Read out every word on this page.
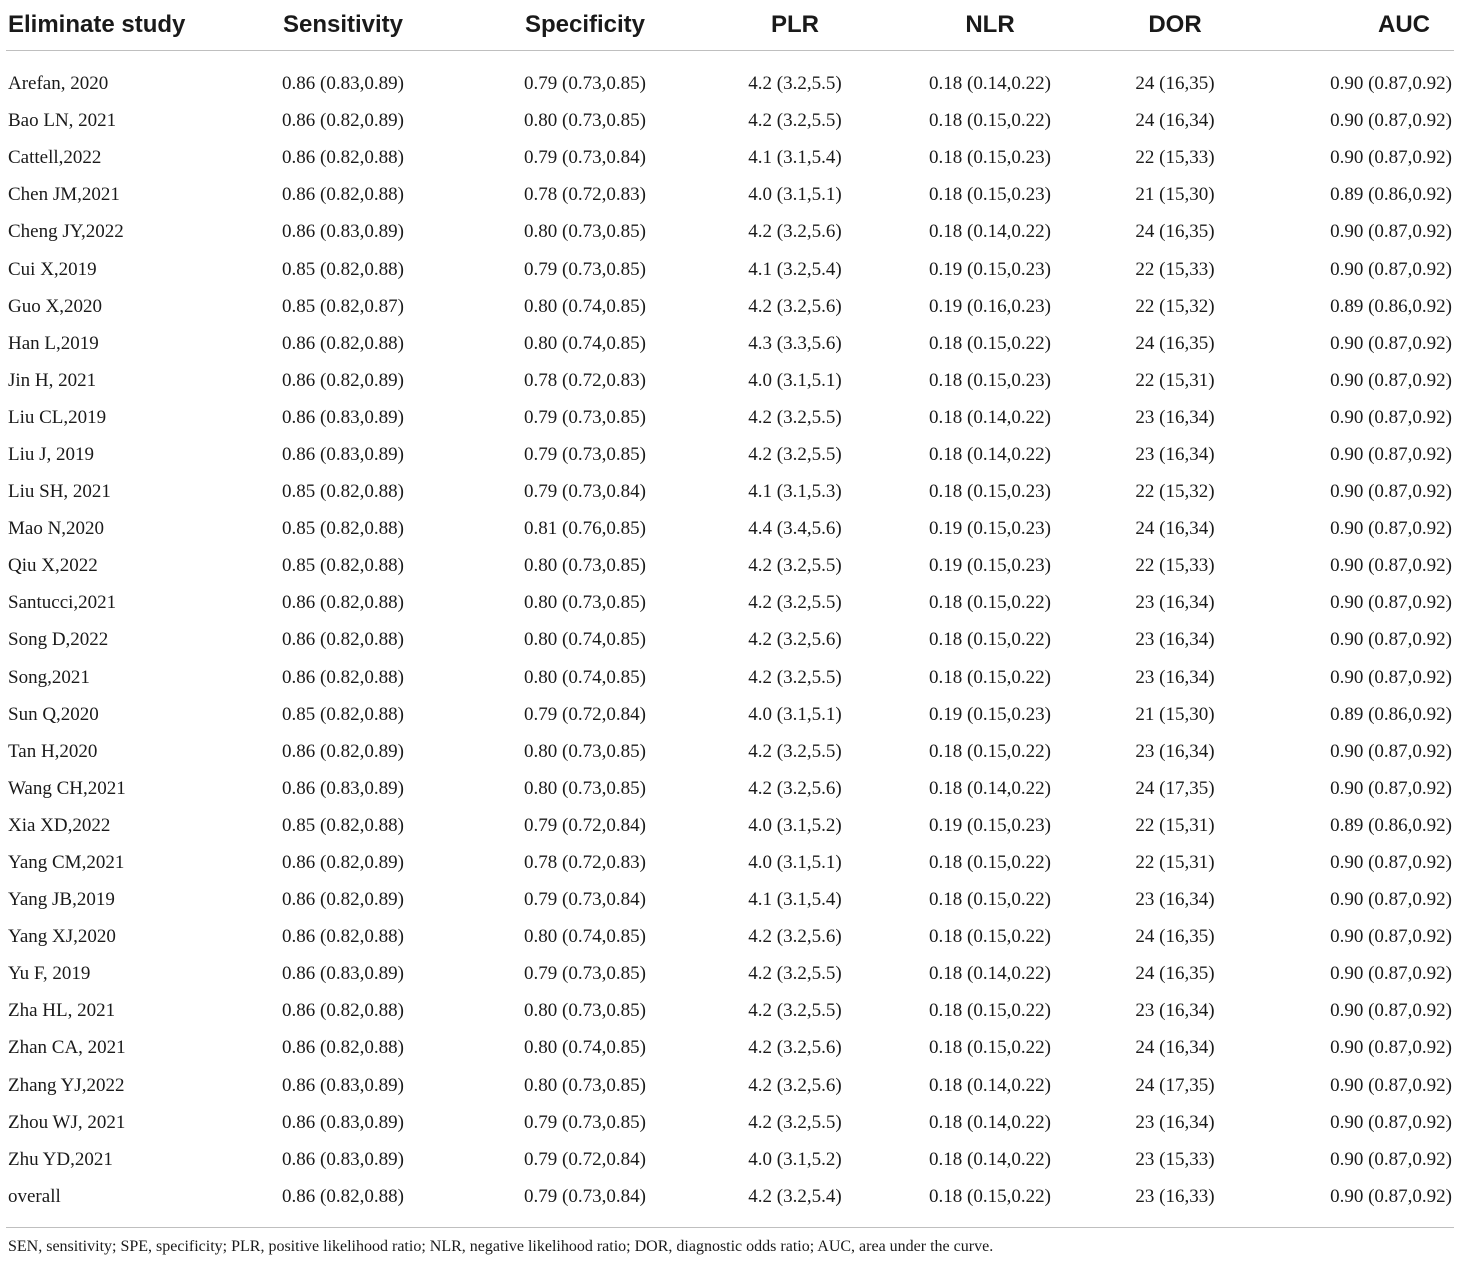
Eliminate study	Sensitivity	Specificity	PLR	NLR	DOR	AUC

Arefan, 2020	0.86 (0.83,0.89)	0.79 (0.73,0.85)	4.2 (3.2,5.5)	0.18 (0.14,0.22)	24 (16,35)	0.90 (0.87,0.92)
Bao LN, 2021	0.86 (0.82,0.89)	0.80 (0.73,0.85)	4.2 (3.2,5.5)	0.18 (0.15,0.22)	24 (16,34)	0.90 (0.87,0.92)
Cattell,2022	0.86 (0.82,0.88)	0.79 (0.73,0.84)	4.1 (3.1,5.4)	0.18 (0.15,0.23)	22 (15,33)	0.90 (0.87,0.92)
Chen JM,2021	0.86 (0.82,0.88)	0.78 (0.72,0.83)	4.0 (3.1,5.1)	0.18 (0.15,0.23)	21 (15,30)	0.89 (0.86,0.92)
Cheng JY,2022	0.86 (0.83,0.89)	0.80 (0.73,0.85)	4.2 (3.2,5.6)	0.18 (0.14,0.22)	24 (16,35)	0.90 (0.87,0.92)
Cui X,2019	0.85 (0.82,0.88)	0.79 (0.73,0.85)	4.1 (3.2,5.4)	0.19 (0.15,0.23)	22 (15,33)	0.90 (0.87,0.92)
Guo X,2020	0.85 (0.82,0.87)	0.80 (0.74,0.85)	4.2 (3.2,5.6)	0.19 (0.16,0.23)	22 (15,32)	0.89 (0.86,0.92)
Han L,2019	0.86 (0.82,0.88)	0.80 (0.74,0.85)	4.3 (3.3,5.6)	0.18 (0.15,0.22)	24 (16,35)	0.90 (0.87,0.92)
Jin H, 2021	0.86 (0.82,0.89)	0.78 (0.72,0.83)	4.0 (3.1,5.1)	0.18 (0.15,0.23)	22 (15,31)	0.90 (0.87,0.92)
Liu CL,2019	0.86 (0.83,0.89)	0.79 (0.73,0.85)	4.2 (3.2,5.5)	0.18 (0.14,0.22)	23 (16,34)	0.90 (0.87,0.92)
Liu J, 2019	0.86 (0.83,0.89)	0.79 (0.73,0.85)	4.2 (3.2,5.5)	0.18 (0.14,0.22)	23 (16,34)	0.90 (0.87,0.92)
Liu SH, 2021	0.85 (0.82,0.88)	0.79 (0.73,0.84)	4.1 (3.1,5.3)	0.18 (0.15,0.23)	22 (15,32)	0.90 (0.87,0.92)
Mao N,2020	0.85 (0.82,0.88)	0.81 (0.76,0.85)	4.4 (3.4,5.6)	0.19 (0.15,0.23)	24 (16,34)	0.90 (0.87,0.92)
Qiu X,2022	0.85 (0.82,0.88)	0.80 (0.73,0.85)	4.2 (3.2,5.5)	0.19 (0.15,0.23)	22 (15,33)	0.90 (0.87,0.92)
Santucci,2021	0.86 (0.82,0.88)	0.80 (0.73,0.85)	4.2 (3.2,5.5)	0.18 (0.15,0.22)	23 (16,34)	0.90 (0.87,0.92)
Song D,2022	0.86 (0.82,0.88)	0.80 (0.74,0.85)	4.2 (3.2,5.6)	0.18 (0.15,0.22)	23 (16,34)	0.90 (0.87,0.92)
Song,2021	0.86 (0.82,0.88)	0.80 (0.74,0.85)	4.2 (3.2,5.5)	0.18 (0.15,0.22)	23 (16,34)	0.90 (0.87,0.92)
Sun Q,2020	0.85 (0.82,0.88)	0.79 (0.72,0.84)	4.0 (3.1,5.1)	0.19 (0.15,0.23)	21 (15,30)	0.89 (0.86,0.92)
Tan H,2020	0.86 (0.82,0.89)	0.80 (0.73,0.85)	4.2 (3.2,5.5)	0.18 (0.15,0.22)	23 (16,34)	0.90 (0.87,0.92)
Wang CH,2021	0.86 (0.83,0.89)	0.80 (0.73,0.85)	4.2 (3.2,5.6)	0.18 (0.14,0.22)	24 (17,35)	0.90 (0.87,0.92)
Xia XD,2022	0.85 (0.82,0.88)	0.79 (0.72,0.84)	4.0 (3.1,5.2)	0.19 (0.15,0.23)	22 (15,31)	0.89 (0.86,0.92)
Yang CM,2021	0.86 (0.82,0.89)	0.78 (0.72,0.83)	4.0 (3.1,5.1)	0.18 (0.15,0.22)	22 (15,31)	0.90 (0.87,0.92)
Yang JB,2019	0.86 (0.82,0.89)	0.79 (0.73,0.84)	4.1 (3.1,5.4)	0.18 (0.15,0.22)	23 (16,34)	0.90 (0.87,0.92)
Yang XJ,2020	0.86 (0.82,0.88)	0.80 (0.74,0.85)	4.2 (3.2,5.6)	0.18 (0.15,0.22)	24 (16,35)	0.90 (0.87,0.92)
Yu F, 2019	0.86 (0.83,0.89)	0.79 (0.73,0.85)	4.2 (3.2,5.5)	0.18 (0.14,0.22)	24 (16,35)	0.90 (0.87,0.92)
Zha HL, 2021	0.86 (0.82,0.88)	0.80 (0.73,0.85)	4.2 (3.2,5.5)	0.18 (0.15,0.22)	23 (16,34)	0.90 (0.87,0.92)
Zhan CA, 2021	0.86 (0.82,0.88)	0.80 (0.74,0.85)	4.2 (3.2,5.6)	0.18 (0.15,0.22)	24 (16,34)	0.90 (0.87,0.92)
Zhang YJ,2022	0.86 (0.83,0.89)	0.80 (0.73,0.85)	4.2 (3.2,5.6)	0.18 (0.14,0.22)	24 (17,35)	0.90 (0.87,0.92)
Zhou WJ, 2021	0.86 (0.83,0.89)	0.79 (0.73,0.85)	4.2 (3.2,5.5)	0.18 (0.14,0.22)	23 (16,34)	0.90 (0.87,0.92)
Zhu YD,2021	0.86 (0.83,0.89)	0.79 (0.72,0.84)	4.0 (3.1,5.2)	0.18 (0.14,0.22)	23 (15,33)	0.90 (0.87,0.92)
overall	0.86 (0.82,0.88)	0.79 (0.73,0.84)	4.2 (3.2,5.4)	0.18 (0.15,0.22)	23 (16,33)	0.90 (0.87,0.92)
SEN, sensitivity; SPE, specificity; PLR, positive likelihood ratio; NLR, negative likelihood ratio; DOR, diagnostic odds ratio; AUC, area under the curve.
